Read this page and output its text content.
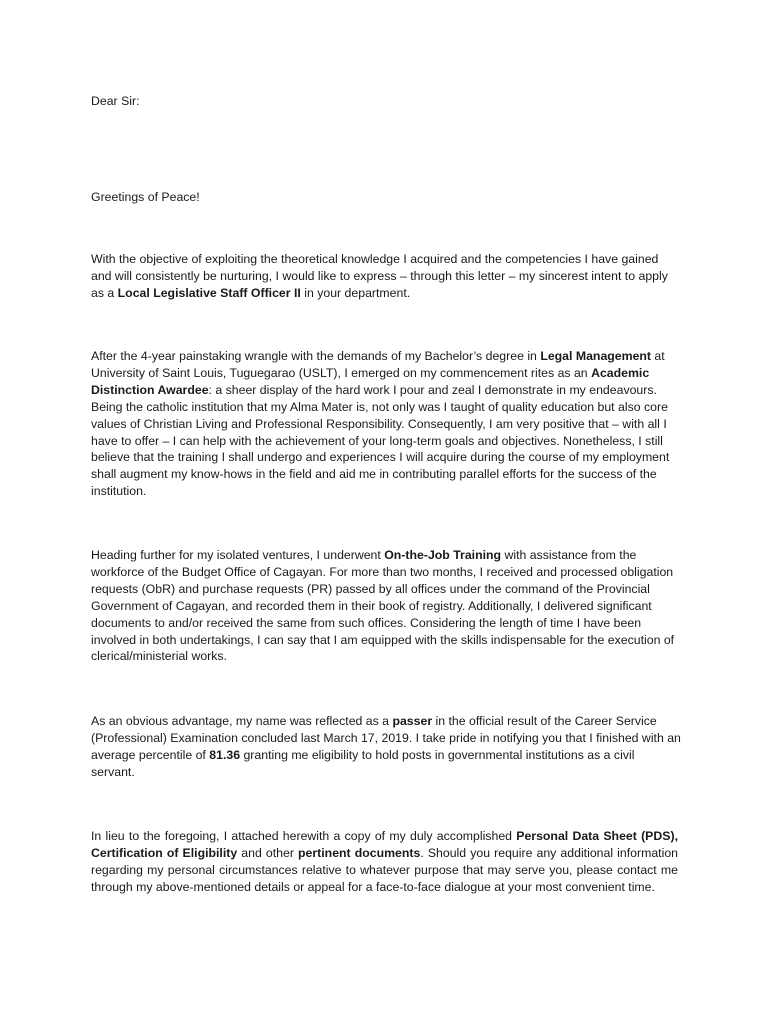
Dear Sir:

Greetings of Peace!

With the objective of exploiting the theoretical knowledge I acquired and the competencies I have gained and will consistently be nurturing, I would like to express – through this letter – my sincerest intent to apply as a Local Legislative Staff Officer II in your department.

After the 4-year painstaking wrangle with the demands of my Bachelor’s degree in Legal Management at University of Saint Louis, Tuguegarao (USLT), I emerged on my commencement rites as an Academic Distinction Awardee: a sheer display of the hard work I pour and zeal I demonstrate in my endeavours. Being the catholic institution that my Alma Mater is, not only was I taught of quality education but also core values of Christian Living and Professional Responsibility. Consequently, I am very positive that – with all I have to offer – I can help with the achievement of your long-term goals and objectives. Nonetheless, I still believe that the training I shall undergo and experiences I will acquire during the course of my employment shall augment my know-hows in the field and aid me in contributing parallel efforts for the success of the institution.

Heading further for my isolated ventures, I underwent On-the-Job Training with assistance from the workforce of the Budget Office of Cagayan. For more than two months, I received and processed obligation requests (ObR) and purchase requests (PR) passed by all offices under the command of the Provincial Government of Cagayan, and recorded them in their book of registry. Additionally, I delivered significant documents to and/or received the same from such offices. Considering the length of time I have been involved in both undertakings, I can say that I am equipped with the skills indispensable for the execution of clerical/ministerial works.

As an obvious advantage, my name was reflected as a passer in the official result of the Career Service (Professional) Examination concluded last March 17, 2019. I take pride in notifying you that I finished with an average percentile of 81.36 granting me eligibility to hold posts in governmental institutions as a civil servant.

In lieu to the foregoing, I attached herewith a copy of my duly accomplished Personal Data Sheet (PDS), Certification of Eligibility and other pertinent documents. Should you require any additional information regarding my personal circumstances relative to whatever purpose that may serve you, please contact me through my above-mentioned details or appeal for a face-to-face dialogue at your most convenient time.
